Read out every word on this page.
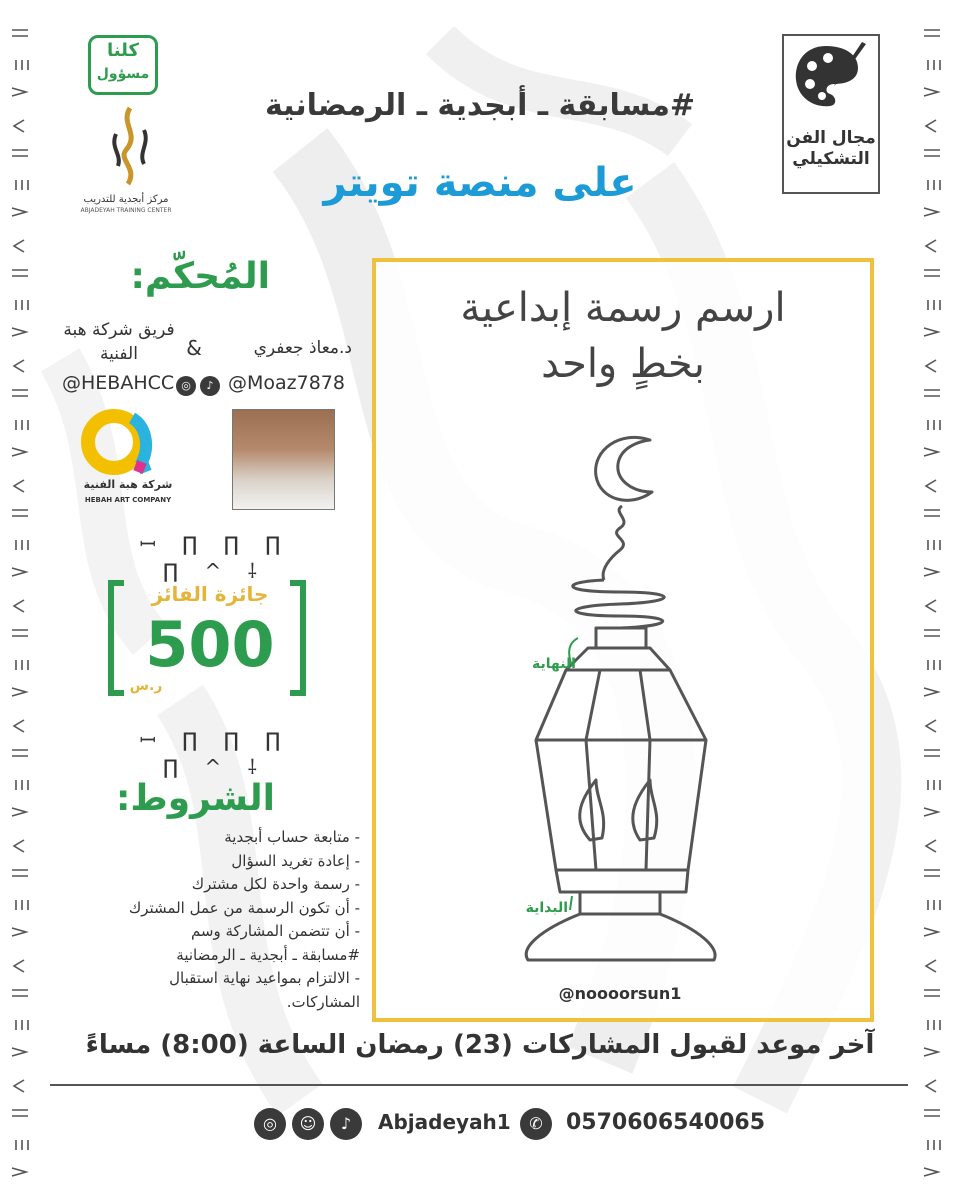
#مسابقة ـ أبجدية ـ الرمضانية
على منصة تويتر
مجال الفن التشكيلي
كلنا
مسؤول
مركز أبجدية للتدريب
ABJADEYAH TRAINING CENTER
المُحكّم:
د.معاذ جعفري
&
فريق شركة هبة الفنية
@Moaz7878
◎	♪
@HEBAHCC
شركة هبة الفنية
HEBAH ART COMPANY
ꟷ ∏ ∏ ∏ ∏ ^ ⸸
جائزة الفائز
500
ر.س
ꟷ ∏ ∏ ∏ ∏ ^ ⸸
الشروط:
- متابعة حساب أبجدية
- إعادة تغريد السؤال
- رسمة واحدة لكل مشترك
- أن تكون الرسمة من عمل المشترك
- أن تتضمن المشاركة وسم
#مسابقة ـ أبجدية ـ الرمضانية
- الالتزام بمواعيد نهاية استقبال
المشاركات.
ارسم رسمة إبداعية
بخطٍ واحد
النهاية
البداية
@noooorsun1
آخر موعد لقبول المشاركات (23) رمضان الساعة (8:00) مساءً
0570606540065
✆
Abjadeyah1
♪
☺
◎
